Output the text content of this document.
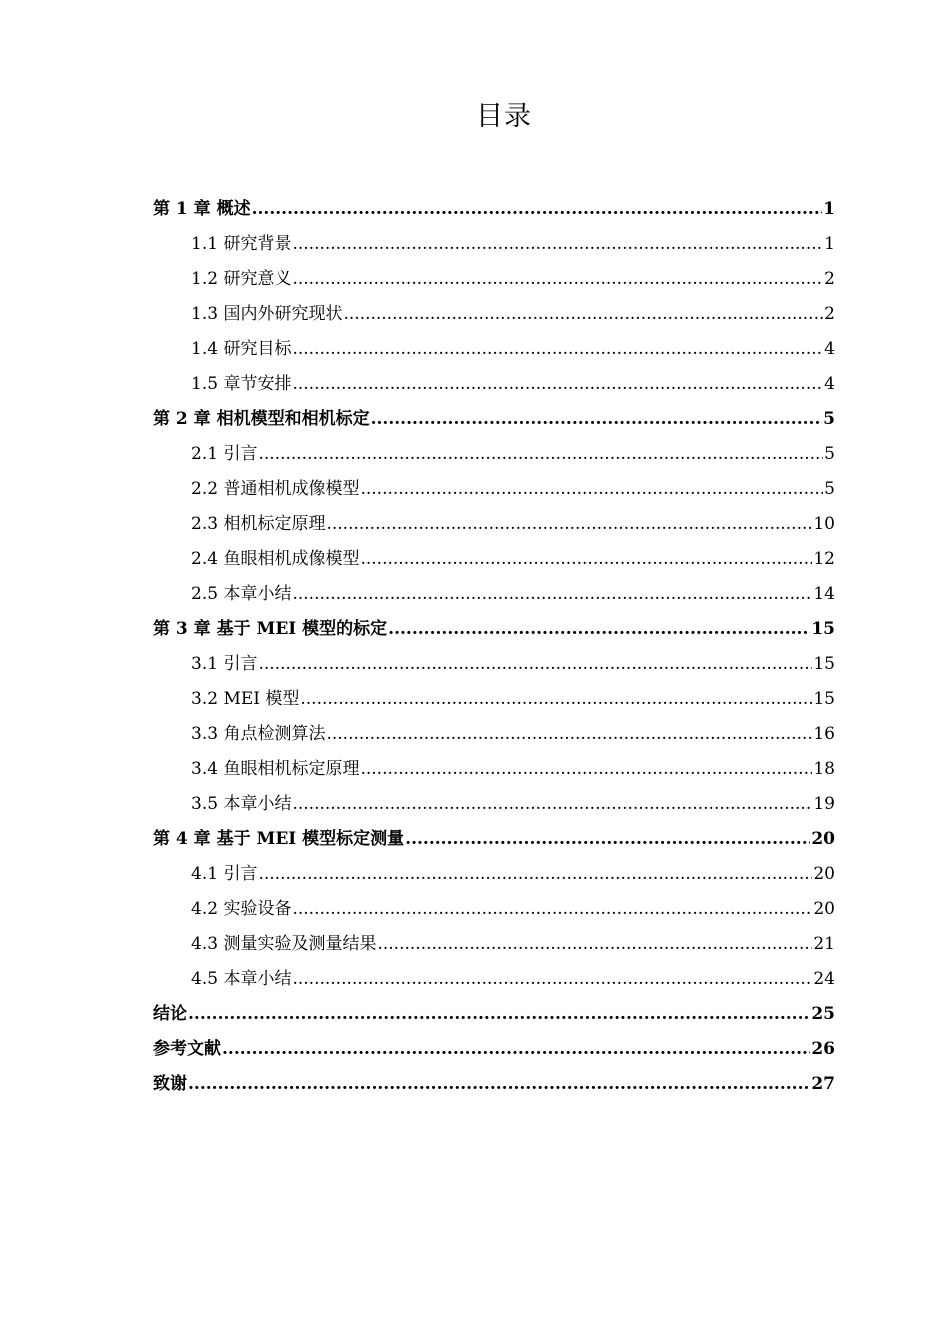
目录
第 1 章 概述 .....	1
1.1 研究背景 .....	1
1.2 研究意义 .....	2
1.3 国内外研究现状 .....	2
1.4 研究目标 .....	4
1.5 章节安排 .....	4
第 2 章 相机模型和相机标定 .....	5
2.1 引言 .....	5
2.2 普通相机成像模型 .....	5
2.3 相机标定原理 .....	10
2.4 鱼眼相机成像模型 .....	12
2.5 本章小结 .....	14
第 3 章 基于 MEI 模型的标定 .....	15
3.1 引言 .....	15
3.2 MEI 模型 .....	15
3.3 角点检测算法 .....	16
3.4 鱼眼相机标定原理 .....	18
3.5 本章小结 .....	19
第 4 章 基于 MEI 模型标定测量 .....	20
4.1 引言 .....	20
4.2 实验设备 .....	20
4.3 测量实验及测量结果 .....	21
4.5 本章小结 .....	24
结论 .....	25
参考文献 .....	26
致谢 .....	27
